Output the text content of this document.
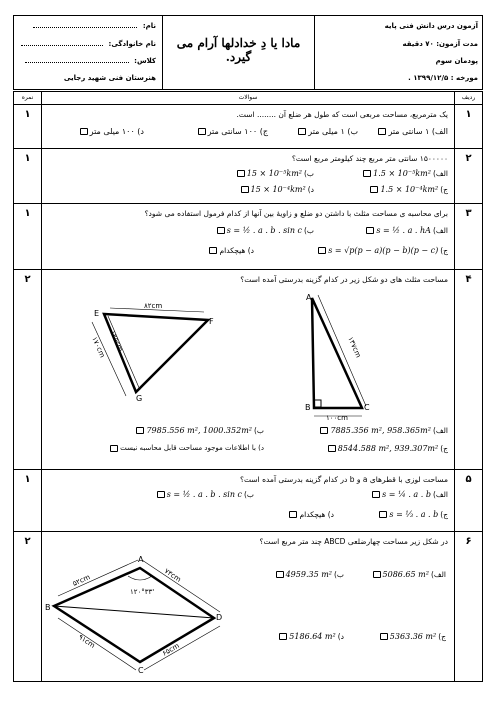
آزمون درس دانش فنی پایه
مدت آزمون: ۷۰ دقیقه
پودمان سوم
مورخه : ۱۳۹۹/۱۲/۵ .
مادا یا دِ خدادلها آرام می گیرد.
نام:
نام خانوادگی:
کلاس:
هنرستان فنی شهید رجایی
ردیف
سوالات
نمره
۱
یک مترمربع، مساحت مربعی است که طول هر ضلع آن ........ است.
الف) ۱ سانتی متر
ب) ۱ میلی متر
ج) ۱۰۰ سانتی متر
د) ۱۰۰ میلی متر
۱
۲
۱۵۰۰۰۰۰ سانتی متر مربع چند کیلومتر مربع است؟
الف)
1.5 × 10⁻⁵km²
ب)
15 × 10⁻⁵km²
ج)
1.5 × 10⁻⁴km²
د)
15 × 10⁻⁴km²
۱
۳
برای محاسبه ی مساحت مثلث با داشتن دو ضلع و زاویهٔ بین آنها از کدام فرمول استفاده می شود؟
الف)
s = ½ . a . hA
ب)
s = ½ . a . b . sin c
ج)
s = √p(p − a)(p − b)(p − c)
د) هیچکدام
۱
۴
مساحت مثلث های دو شکل زیر در کدام گزینه بدرستی آمده است؟
A
B	C
۱۳۷cm
۱۰۰cm
E
F
G
۸۲cm
۱۲۵cm
۱۷۰cm
الف)
7885.356 m², 958.365m²
ب)
7985.556 m², 1000.352m²
ج)
8544.588 m², 939.307m²
د) با اطلاعات موجود مساحت قابل محاسبه نیست
۲
۵
مساحت لوزی با قطرهای a و b در کدام گزینه بدرستی آمده است؟
الف)
s = ¼ . a . b
ب)
s = ½ . a . b . sin c
ج)
s = ⅓ . a . b
د) هیچکدام
۱
۶
در شکل زیر مساحت چهارضلعی ABCD چند متر مربع است؟
A
B
C
D
۷۳cm
۵۲cm
۶۵cm
۹۱cm
۱۲۰°۳۳'
الف)
5086.65 m²
ب)
4959.35 m²
ج)
5363.36 m²
د)
5186.64 m²
۲
